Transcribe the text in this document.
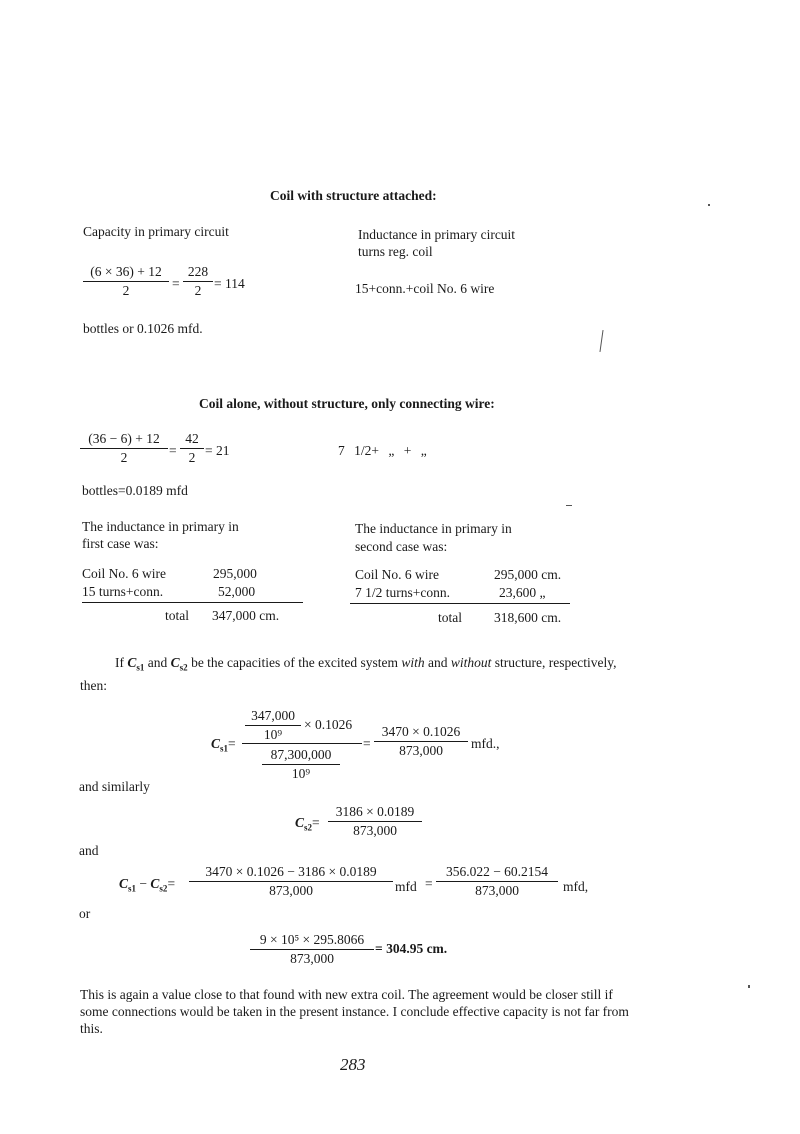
Coil with structure attached:
Capacity in primary circuit	Inductance in primary circuit
turns reg. coil
$\frac{(6 \times 36) + 12}{2} = \frac{228}{2} = 114$	15+conn.+coil No. 6 wire
bottles or 0.1026 mfd.
Coil alone, without structure, only connecting wire:
$\frac{(36 - 6) + 12}{2} = \frac{42}{2} = 21$	7 1/2+ „ + „
bottles=0.0189 mfd
The inductance in primary in
first case was:
Coil No. 6 wire	295,000
15 turns+conn.	52,000
total 347,000 cm.
The inductance in primary in
second case was:
Coil No. 6 wire	295,000 cm.
7 1/2 turns+conn.	23,600 „
total 318,600 cm.
If $C_{s1}$ and $C_{s2}$ be the capacities of the excited system with and without structure, respectively, then:
$C_{s1}=$
$\frac{347,000}{\text{10⁹}} \times 0.1026$
$\frac{87,300,000}{\text{10⁹}}$
= $\frac{3470 \times 0.1026}{873,000}$ mfd.,
and similarly
$C_{s2}= \frac{3186 \times 0.0189}{873,000}$
and
$C_{s1} - C_{s2}= \frac{3470 \times 0.1026 - 3186 \times 0.0189}{873,000}$ mfd = $\frac{356.022 - 60.2154}{873,000}$ mfd,
or
$\frac{\text{9 × 10⁵ × 295.8066}}{873,000} = 304.95$ cm.
This is again a value close to that found with new extra coil. The agreement would be closer still if some connections would be taken in the present instance. I conclude effective capacity is not far from this.
283
